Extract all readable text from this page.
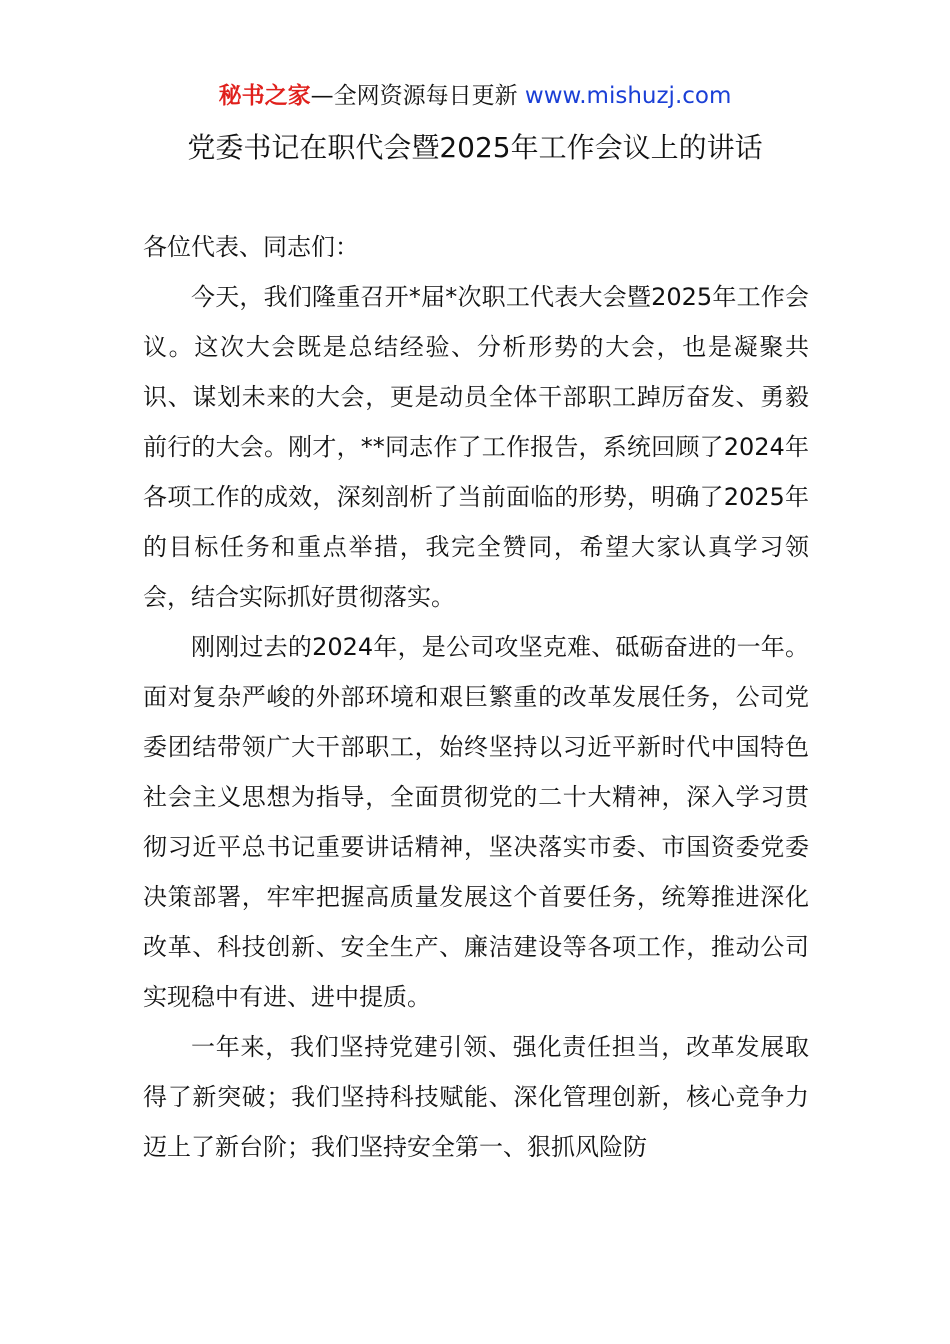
秘书之家—全网资源每日更新 www.mishuzj.com
党委书记在职代会暨2025年工作会议上的讲话

各位代表、同志们：

今天，我们隆重召开*届*次职工代表大会暨2025年工作会议。这次大会既是总结经验、分析形势的大会，也是凝聚共识、谋划未来的大会，更是动员全体干部职工踔厉奋发、勇毅前行的大会。刚才，**同志作了工作报告，系统回顾了2024年各项工作的成效，深刻剖析了当前面临的形势，明确了2025年的目标任务和重点举措，我完全赞同，希望大家认真学习领会，结合实际抓好贯彻落实。

刚刚过去的2024年，是公司攻坚克难、砥砺奋进的一年。面对复杂严峻的外部环境和艰巨繁重的改革发展任务，公司党委团结带领广大干部职工，始终坚持以习近平新时代中国特色社会主义思想为指导，全面贯彻党的二十大精神，深入学习贯彻习近平总书记重要讲话精神，坚决落实市委、市国资委党委决策部署，牢牢把握高质量发展这个首要任务，统筹推进深化改革、科技创新、安全生产、廉洁建设等各项工作，推动公司实现稳中有进、进中提质。

一年来，我们坚持党建引领、强化责任担当，改革发展取得了新突破；我们坚持科技赋能、深化管理创新，核心竞争力迈上了新台阶；我们坚持安全第一、狠抓风险防
